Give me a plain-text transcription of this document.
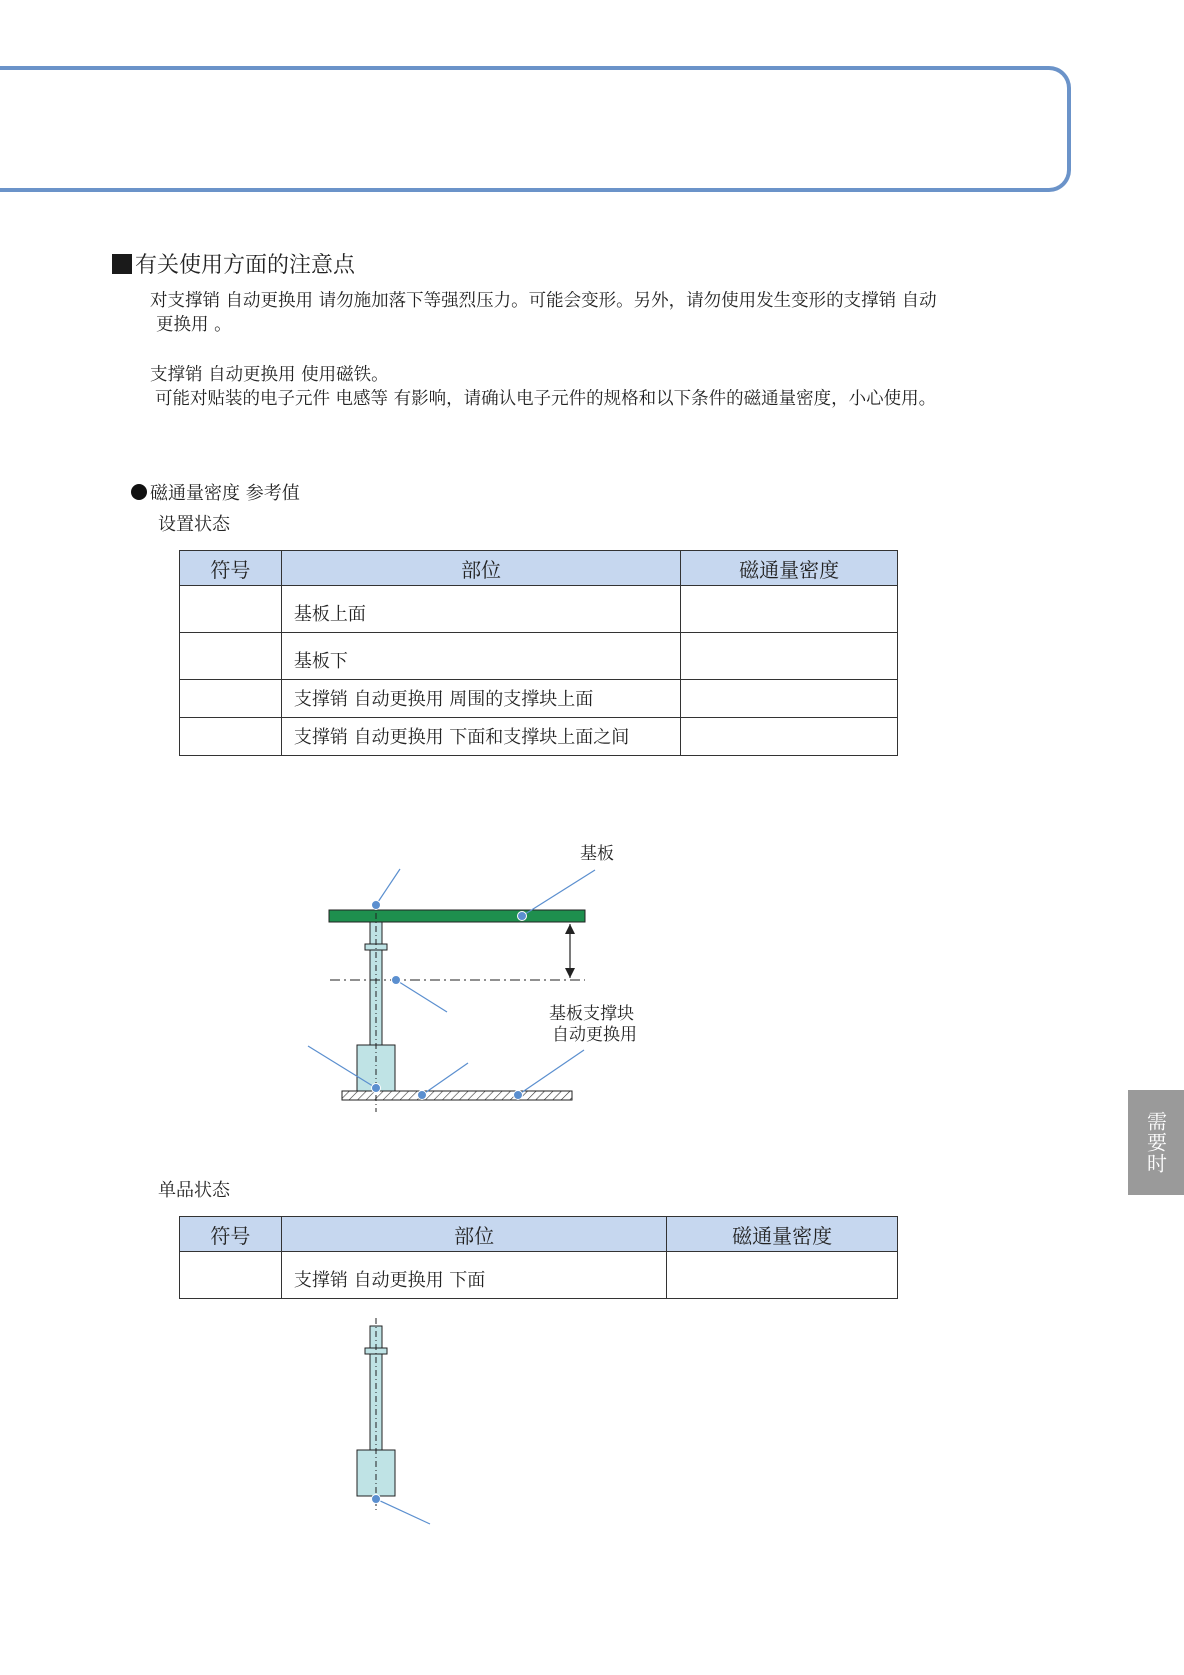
有关使用方面的注意点
对支撑销 自动更换用 请勿施加落下等强烈压力。可能会变形。另外，请勿使用发生变形的支撑销 自动
更换用 。
支撑销 自动更换用 使用磁铁。
可能对贴装的电子元件 电感等 有影响，请确认电子元件的规格和以下条件的磁通量密度，小心使用。
磁通量密度 参考值
设置状态
符号	部位	磁通量密度

	基板上面	

	基板下	

	支撑销 自动更换用 周围的支撑块上面	

	支撑销 自动更换用 下面和支撑块上面之间	

基板
基板支撑块
自动更换用
单品状态
符号	部位	磁通量密度

	支撑销 自动更换用 下面	

需要时
